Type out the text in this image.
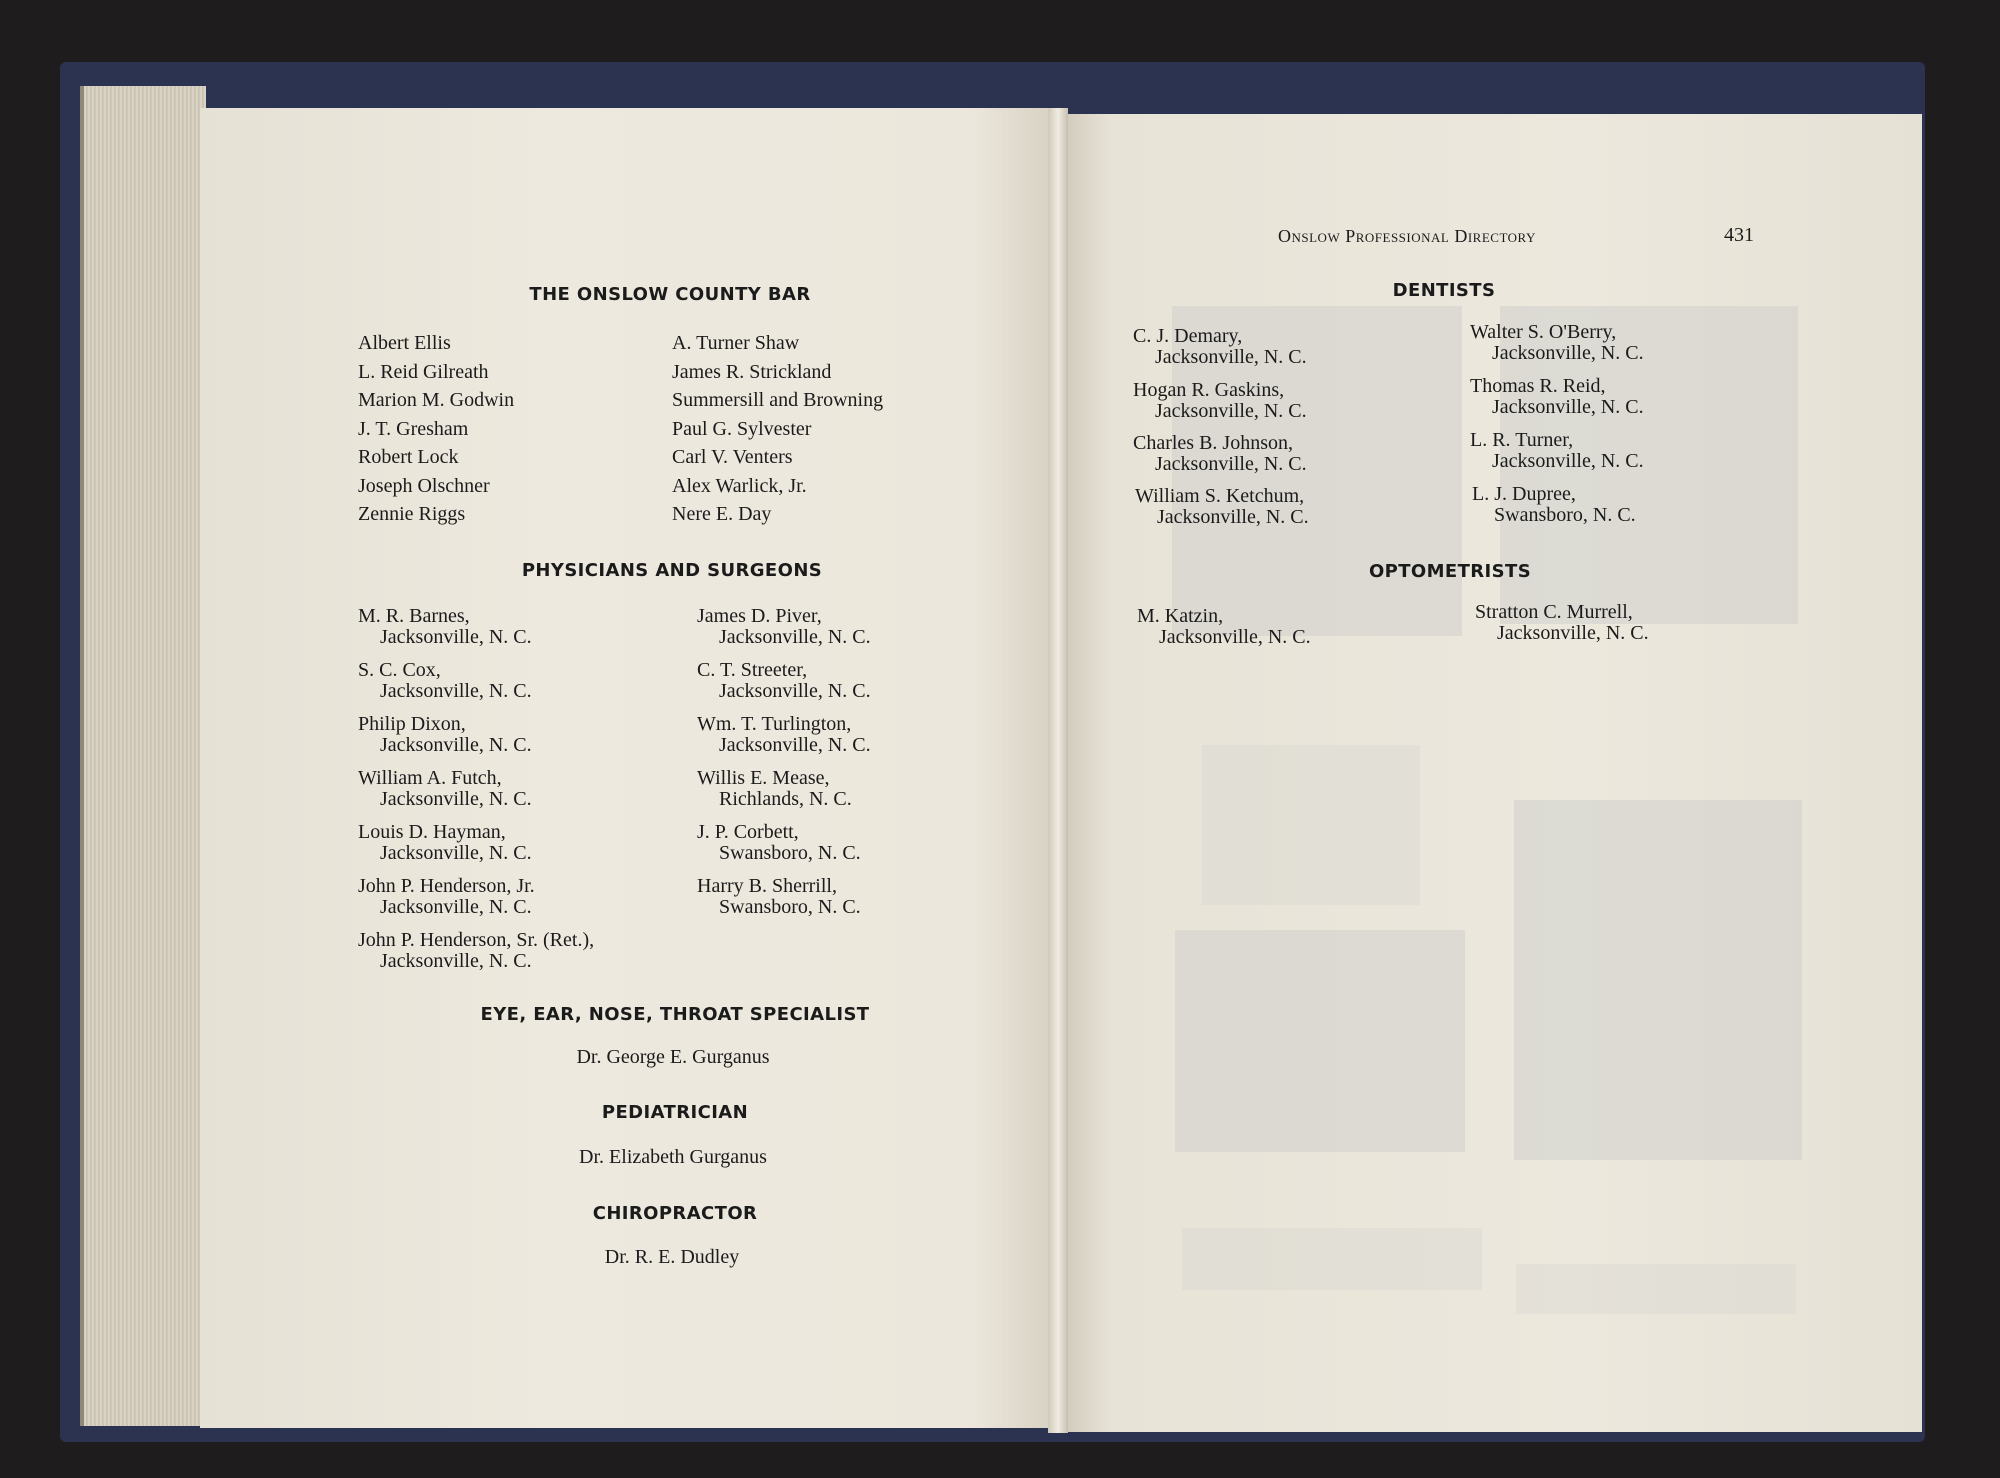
THE ONSLOW COUNTY BAR
Albert Ellis
L. Reid Gilreath
Marion M. Godwin
J. T. Gresham
Robert Lock
Joseph Olschner
Zennie Riggs
A. Turner Shaw
James R. Strickland
Summersill and Browning
Paul G. Sylvester
Carl V. Venters
Alex Warlick, Jr.
Nere E. Day
PHYSICIANS AND SURGEONS
M. R. Barnes,
Jacksonville, N. C.
S. C. Cox,
Jacksonville, N. C.
Philip Dixon,
Jacksonville, N. C.
William A. Futch,
Jacksonville, N. C.
Louis D. Hayman,
Jacksonville, N. C.
John P. Henderson, Jr.
Jacksonville, N. C.
John P. Henderson, Sr. (Ret.),
Jacksonville, N. C.
James D. Piver,
Jacksonville, N. C.
C. T. Streeter,
Jacksonville, N. C.
Wm. T. Turlington,
Jacksonville, N. C.
Willis E. Mease,
Richlands, N. C.
J. P. Corbett,
Swansboro, N. C.
Harry B. Sherrill,
Swansboro, N. C.
EYE, EAR, NOSE, THROAT SPECIALIST
Dr. George E. Gurganus
PEDIATRICIAN
Dr. Elizabeth Gurganus
CHIROPRACTOR
Dr. R. E. Dudley
Onslow Professional Directory	431
DENTISTS
C. J. Demary,
Jacksonville, N. C.
Hogan R. Gaskins,
Jacksonville, N. C.
Charles B. Johnson,
Jacksonville, N. C.
William S. Ketchum,
Jacksonville, N. C.
Walter S. O'Berry,
Jacksonville, N. C.
Thomas R. Reid,
Jacksonville, N. C.
L. R. Turner,
Jacksonville, N. C.
L. J. Dupree,
Swansboro, N. C.
OPTOMETRISTS
M. Katzin,
Jacksonville, N. C.
Stratton C. Murrell,
Jacksonville, N. C.
